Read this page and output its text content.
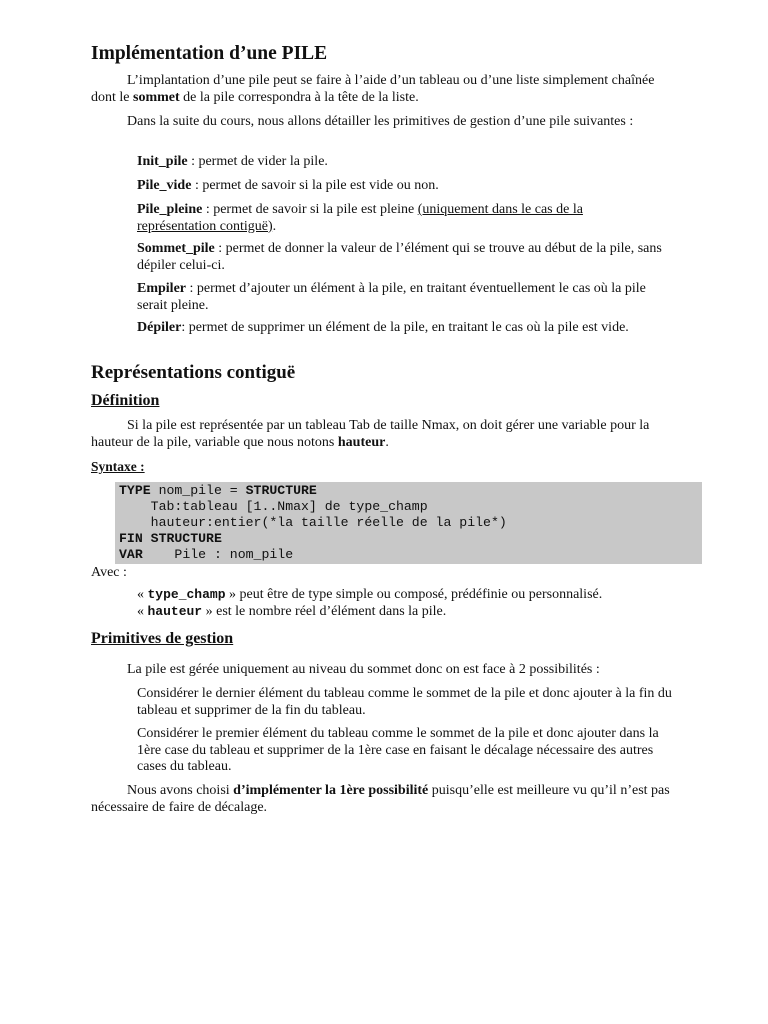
Implémentation d’une PILE
L’implantation d’une pile peut se faire à l’aide d’un tableau ou d’une liste simplement chaînée dont le sommet de la pile correspondra à la tête de la liste.
Dans la suite du cours, nous allons détailler les primitives de gestion d’une pile suivantes :
Init_pile : permet de vider la pile.
Pile_vide : permet de savoir si la pile est vide ou non.
Pile_pleine : permet de savoir si la pile est pleine (uniquement dans le cas de la représentation contiguë).
Sommet_pile : permet de donner la valeur de l’élément qui se trouve au début de la pile, sans dépiler celui-ci.
Empiler : permet d’ajouter un élément à la pile, en traitant éventuellement le cas où la pile serait pleine.
Dépiler: permet de supprimer un élément de la pile, en traitant le cas où la pile est vide.
Représentations contiguë
Définition
Si la pile est représentée par un tableau Tab de taille Nmax, on doit gérer une variable pour la hauteur de la pile, variable que nous notons hauteur.
Syntaxe :
TYPE nom_pile = STRUCTURE
Tab:tableau [1..Nmax] de type_champ
hauteur:entier(*la taille réelle de la pile*)
FIN STRUCTURE
VAR    Pile : nom_pile
Avec :
« type_champ » peut être de type simple ou composé, prédéfinie ou personnalisé.
« hauteur » est le nombre réel d’élément dans la pile.
Primitives de gestion
La pile est gérée uniquement au niveau du sommet donc on est face à 2 possibilités :
Considérer le dernier élément du tableau comme le sommet de la pile et donc ajouter à la fin du tableau et supprimer de la fin du tableau.
Considérer le premier élément du tableau comme le sommet de la pile et donc ajouter dans la 1ère case du tableau et supprimer de la 1ère case en faisant le décalage nécessaire des autres cases du tableau.
Nous avons choisi d’implémenter la 1ère possibilité puisqu’elle est meilleure vu qu’il n’est pas nécessaire de faire de décalage.
